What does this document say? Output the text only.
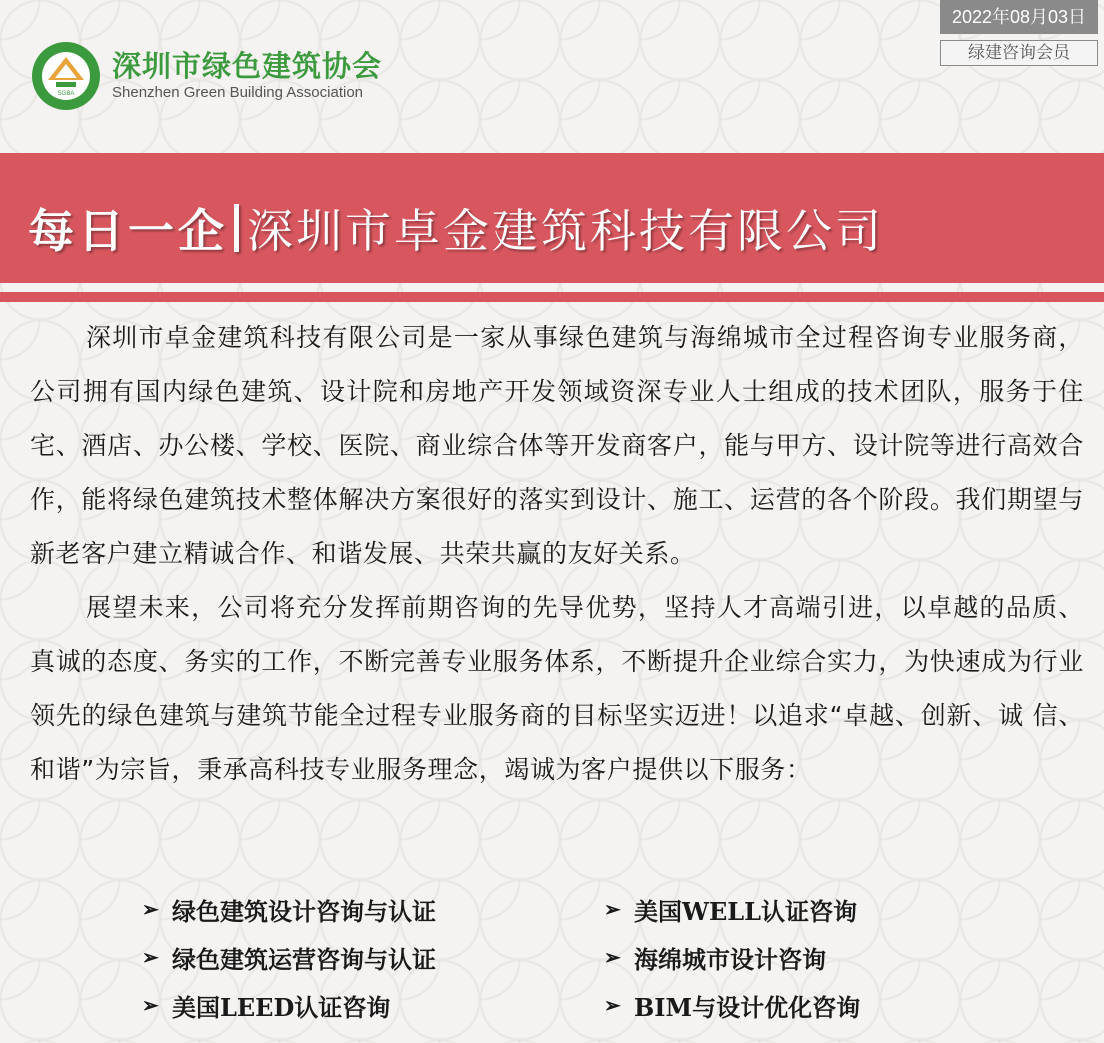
2022年08月03日
绿建咨询会员
SGBA
深圳市绿色建筑协会
Shenzhen Green Building Association
每日一企 深圳市卓金建筑科技有限公司

深圳市卓金建筑科技有限公司是一家从事绿色建筑与海绵城市全过程咨询专业服务商，公司拥有国内绿色建筑、设计院和房地产开发领域资深专业人士组成的技术团队，服务于住宅、酒店、办公楼、学校、医院、商业综合体等开发商客户，能与甲方、设计院等进行高效合作，能将绿色建筑技术整体解决方案很好的落实到设计、施工、运营的各个阶段。我们期望与新老客户建立精诚合作、和谐发展、共荣共赢的友好关系。

展望未来，公司将充分发挥前期咨询的先导优势，坚持人才高端引进，以卓越的品质、真诚的态度、务实的工作，不断完善专业服务体系，不断提升企业综合实力，为快速成为行业领先的绿色建筑与建筑节能全过程专业服务商的目标坚实迈进！以追求“卓越、创新、诚 信、和谐”为宗旨，秉承高科技专业服务理念，竭诚为客户提供以下服务：

➢ 绿色建筑设计咨询与认证	➢ 美国WELL认证咨询
➢ 绿色建筑运营咨询与认证	➢ 海绵城市设计咨询
➢ 美国LEED认证咨询	➢ BIM与设计优化咨询
